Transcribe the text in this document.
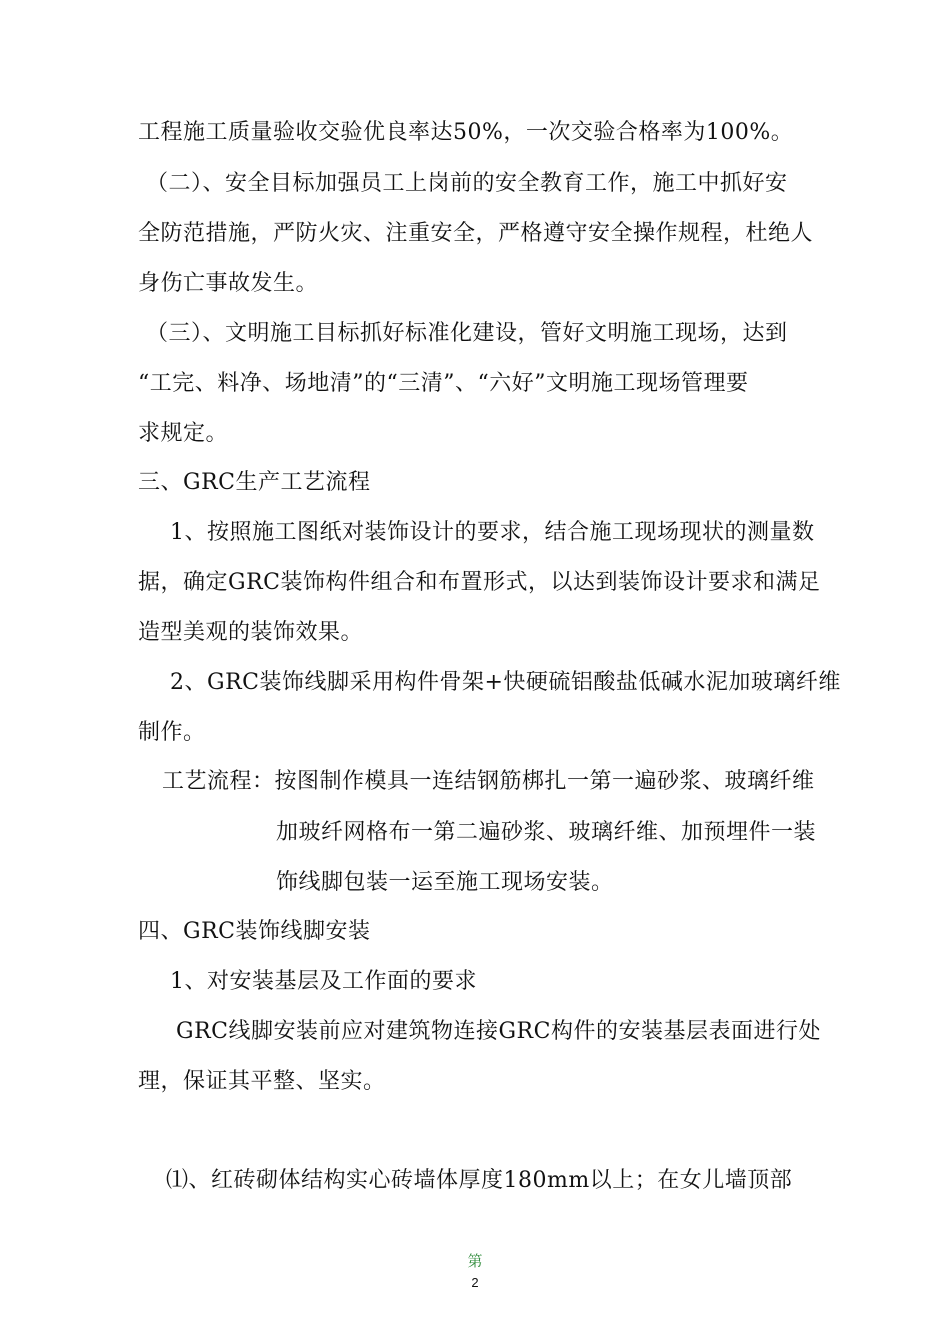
工程施工质量验收交验优良率达50%，一次交验合格率为100%。
（二）、安全目标加强员工上岗前的安全教育工作，施工中抓好安
全防范措施，严防火灾、注重安全，严格遵守安全操作规程，杜绝人
身伤亡事故发生。
（三）、文明施工目标抓好标准化建设，管好文明施工现场，达到
“工完、料净、场地清”的“三清”、“六好”文明施工现场管理要
求规定。
三、GRC生产工艺流程
1、按照施工图纸对装饰设计的要求，结合施工现场现状的测量数
据，确定GRC装饰构件组合和布置形式，以达到装饰设计要求和满足
造型美观的装饰效果。
2、GRC装饰线脚采用构件骨架+快硬硫铝酸盐低碱水泥加玻璃纤维
制作。
工艺流程：按图制作模具一连结钢筋梆扎一第一遍砂浆、玻璃纤维
加玻纤网格布一第二遍砂浆、玻璃纤维、加预埋件一装
饰线脚包装一运至施工现场安装。
四、GRC装饰线脚安装
1、对安装基层及工作面的要求
GRC线脚安装前应对建筑物连接GRC构件的安装基层表面进行处
理，保证其平整、坚实。
⑴、红砖砌体结构实心砖墙体厚度180mm以上；在女儿墙顶部
第
2
